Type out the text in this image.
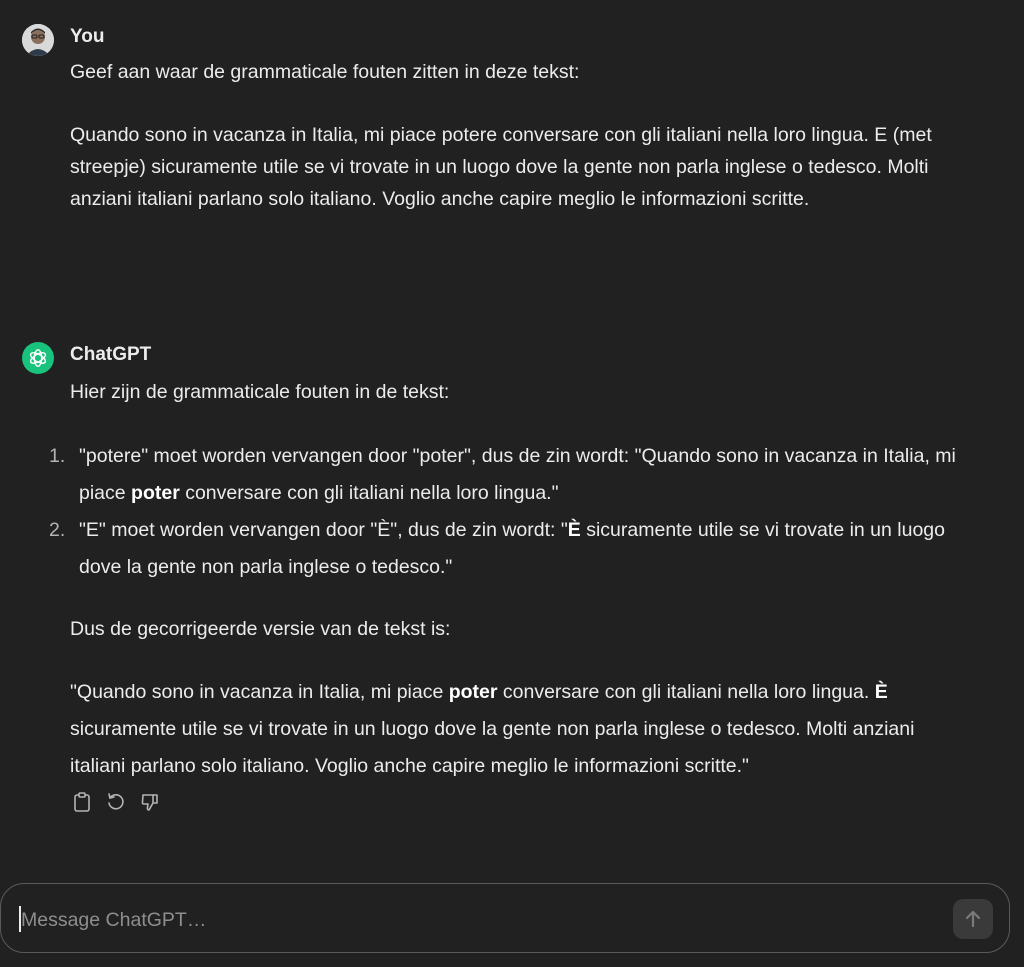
You

Geef aan waar de grammaticale fouten zitten in deze tekst:

Quando sono in vacanza in Italia, mi piace potere conversare con gli italiani nella loro lingua. E (met streepje) sicuramente utile se vi trovate in un luogo dove la gente non parla inglese o tedesco. Molti anziani italiani parlano solo italiano. Voglio anche capire meglio le informazioni scritte.

ChatGPT

Hier zijn de grammaticale fouten in de tekst:

1. "potere" moet worden vervangen door "poter", dus de zin wordt: "Quando sono in vacanza in Italia, mi piace poter conversare con gli italiani nella loro lingua."
2. "E" moet worden vervangen door "È", dus de zin wordt: "È sicuramente utile se vi trovate in un luogo dove la gente non parla inglese o tedesco."

Dus de gecorrigeerde versie van de tekst is:

"Quando sono in vacanza in Italia, mi piace poter conversare con gli italiani nella loro lingua. È sicuramente utile se vi trovate in un luogo dove la gente non parla inglese o tedesco. Molti anziani italiani parlano solo italiano. Voglio anche capire meglio le informazioni scritte."

Message ChatGPT…
